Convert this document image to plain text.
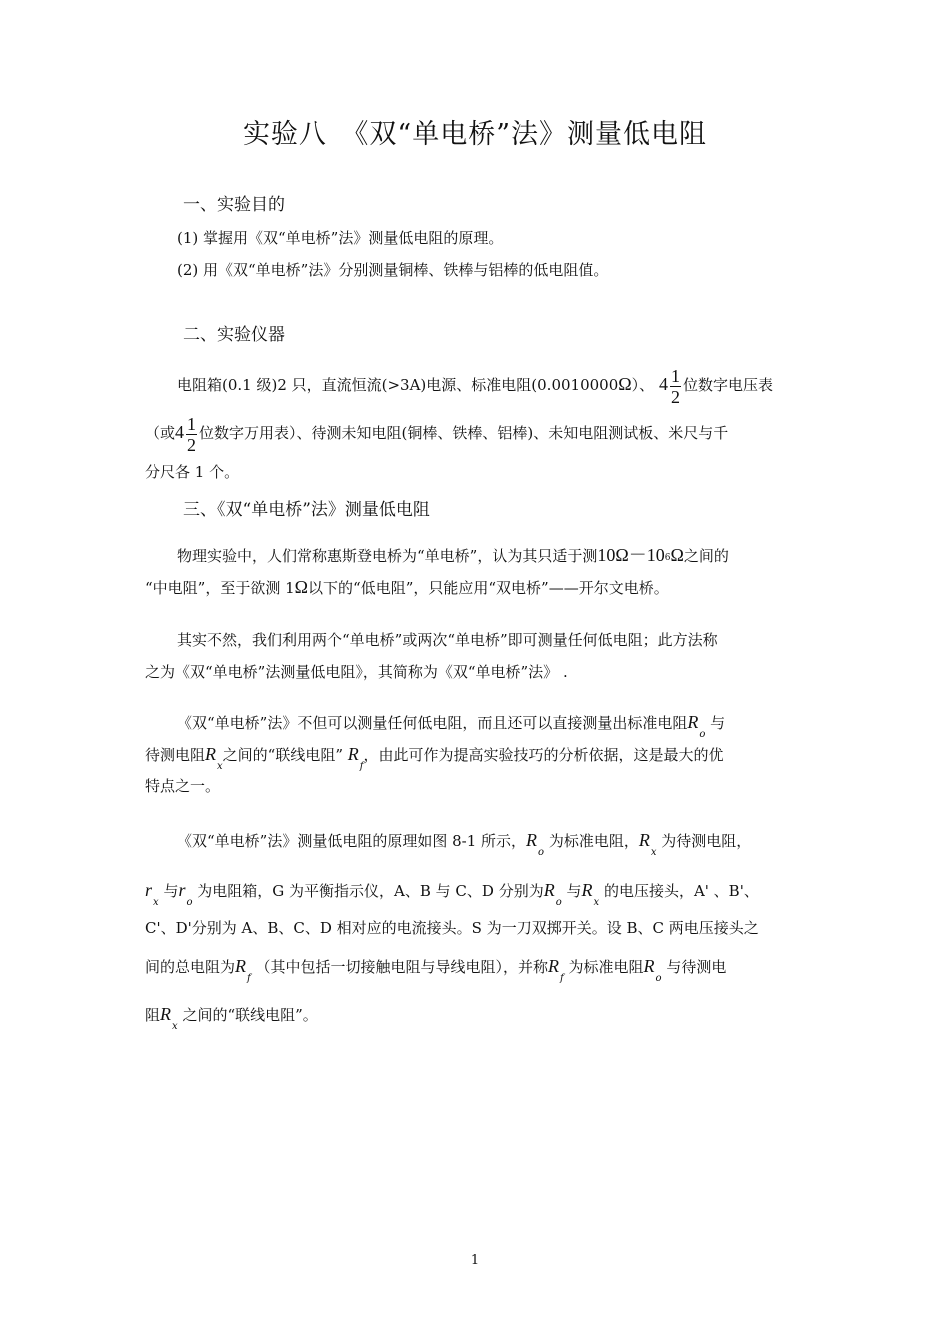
实验八　《双“单电桥”法》测量低电阻
一、实验目的
(1) 掌握用《双“单电桥”法》测量低电阻的原理。
(2) 用《双“单电桥”法》分别测量铜棒、铁棒与铝棒的低电阻值。
二、实验仪器
电阻箱(0.1 级)2 只，直流恒流(>3A)电源、标准电阻(0.0010000Ω）、 $4 \frac{1}{2}$ 位数字电压表
（或$4 \frac{1}{2}$ 位数字万用表）、待测未知电阻(铜棒、铁棒、铝棒)、未知电阻测试板、米尺与千
分尺各 1 个。
三、《双“单电桥”法》测量低电阻
物理实验中，人们常称惠斯登电桥为“单电桥”，认为其只适于测10Ω－106Ω之间的
“中电阻”，至于欲测 1Ω以下的“低电阻”，只能应用“双电桥”——开尔文电桥。
其实不然，我们利用两个“单电桥”或两次“单电桥”即可测量任何低电阻；此方法称
之为《双“单电桥”法测量低电阻》，其简称为《双“单电桥”法》 .
《双“单电桥”法》不但可以测量任何低电阻，而且还可以直接测量出标准电阻$R_o$ 与
待测电阻$R_x$之间的“联线电阻” $R_f$，由此可作为提高实验技巧的分析依据，这是最大的优
特点之一。
《双“单电桥”法》测量低电阻的原理如图 8-1 所示，$R_o$ 为标准电阻，$R_x$ 为待测电阻，
$r_x$ 与$r_o$ 为电阻箱，G 为平衡指示仪，A、B 与 C、D 分别为$R_o$ 与$R_x$ 的电压接头，A' 、B'、
C'、D'分别为 A、B、C、D 相对应的电流接头。S 为一刀双掷开关。设 B、C 两电压接头之
间的总电阻为$R_f$ （其中包括一切接触电阻与导线电阻），并称$R_f$ 为标准电阻$R_o$ 与待测电
阻$R_x$ 之间的“联线电阻”。
1
